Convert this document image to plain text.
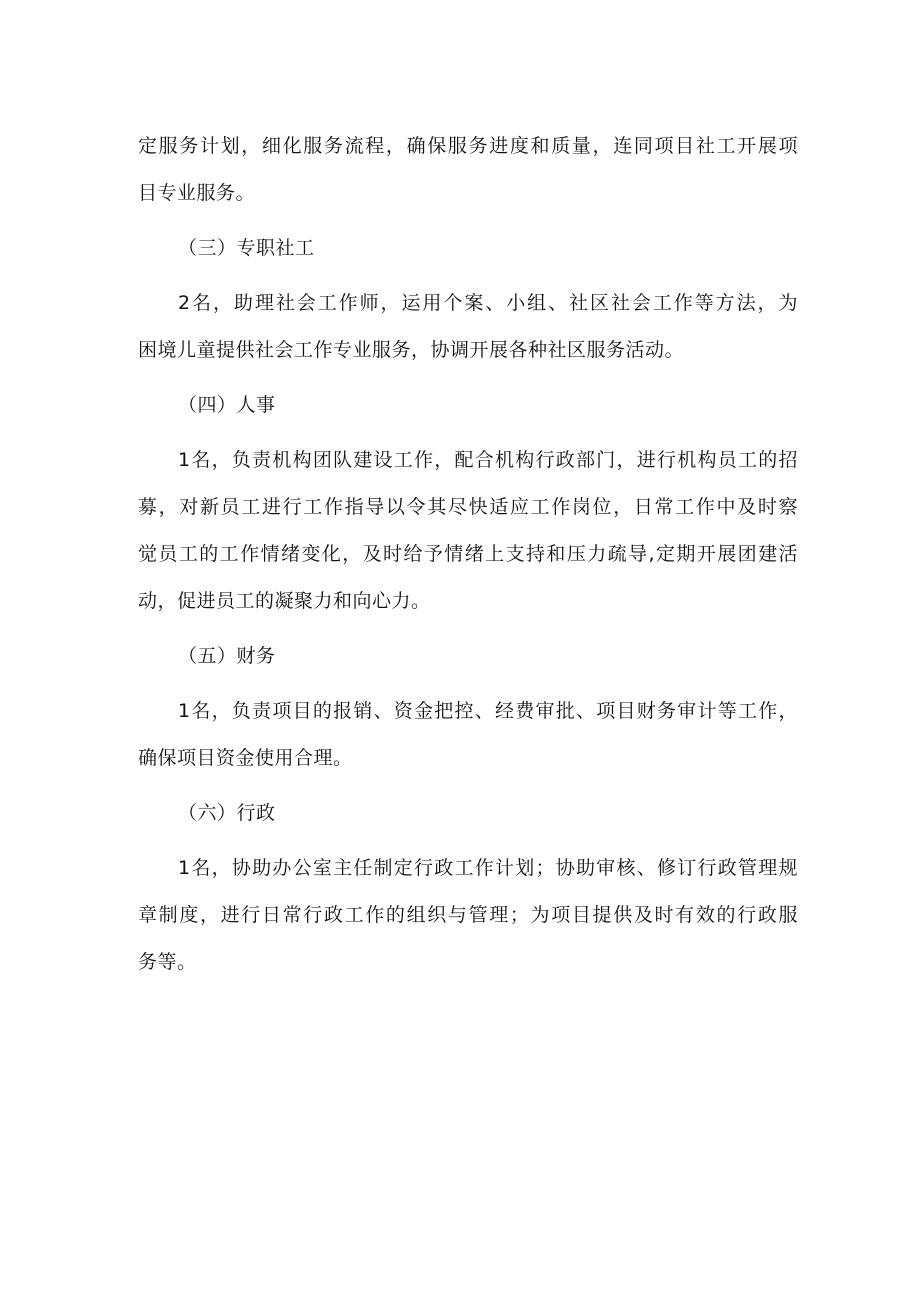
定服务计划，细化服务流程，确保服务进度和质量，连同项目社工开展项
目专业服务。
（三）专职社工
2名，助理社会工作师，运用个案、小组、社区社会工作等方法，为
困境儿童提供社会工作专业服务，协调开展各种社区服务活动。
（四）人事
1名，负责机构团队建设工作，配合机构行政部门，进行机构员工的招
募，对新员工进行工作指导以令其尽快适应工作岗位，日常工作中及时察
觉员工的工作情绪变化，及时给予情绪上支持和压力疏导,定期开展团建活
动，促进员工的凝聚力和向心力。
（五）财务
1名，负责项目的报销、资金把控、经费审批、项目财务审计等工作，
确保项目资金使用合理。
（六）行政
1名，协助办公室主任制定行政工作计划；协助审核、修订行政管理规
章制度，进行日常行政工作的组织与管理；为项目提供及时有效的行政服
务等。
